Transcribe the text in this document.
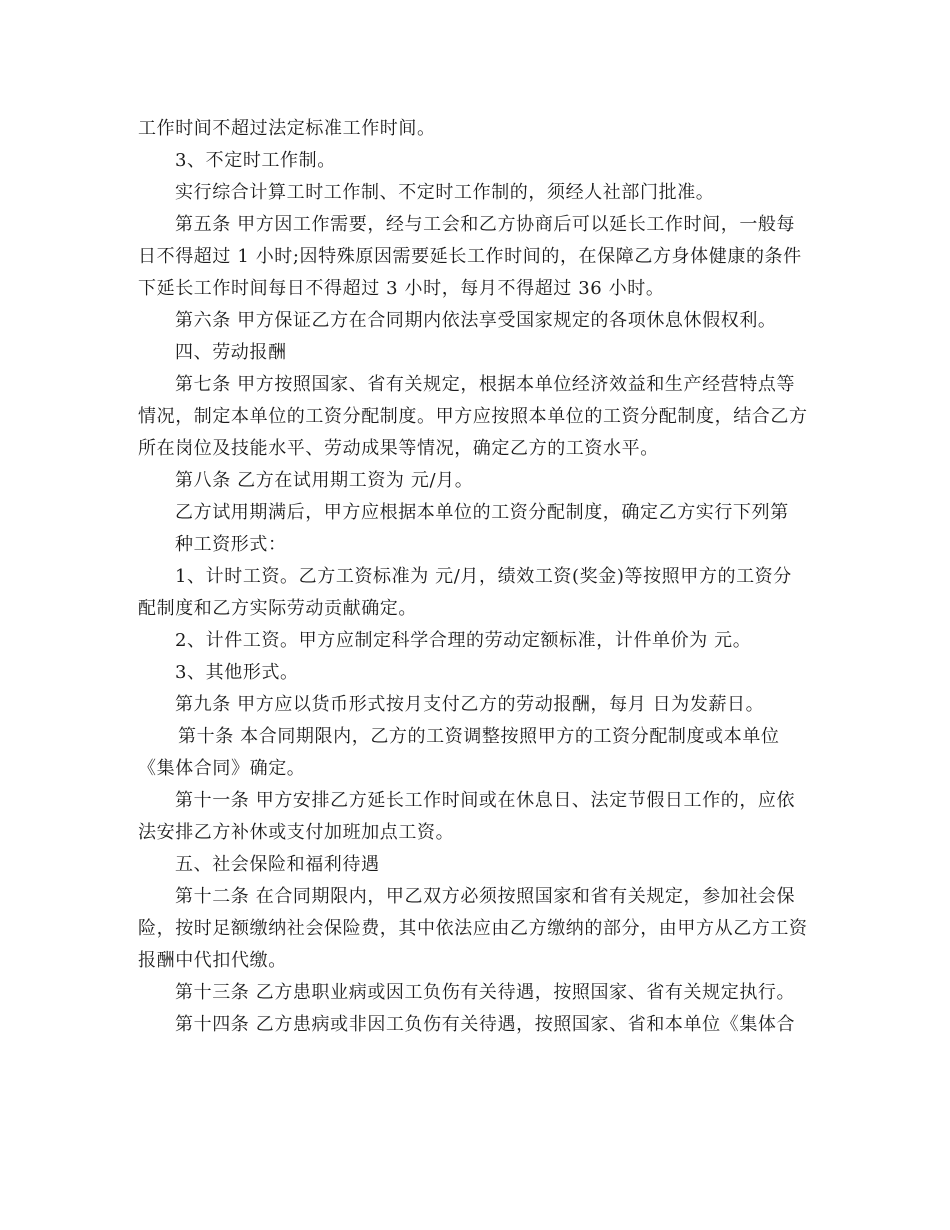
工作时间不超过法定标准工作时间。
3、不定时工作制。
实行综合计算工时工作制、不定时工作制的，须经人社部门批准。
第五条 甲方因工作需要，经与工会和乙方协商后可以延长工作时间，一般每
日不得超过 1 小时;因特殊原因需要延长工作时间的，在保障乙方身体健康的条件
下延长工作时间每日不得超过 3 小时，每月不得超过 36 小时。
第六条 甲方保证乙方在合同期内依法享受国家规定的各项休息休假权利。
四、劳动报酬
第七条 甲方按照国家、省有关规定，根据本单位经济效益和生产经营特点等
情况，制定本单位的工资分配制度。甲方应按照本单位的工资分配制度，结合乙方
所在岗位及技能水平、劳动成果等情况，确定乙方的工资水平。
第八条 乙方在试用期工资为 元/月。
乙方试用期满后，甲方应根据本单位的工资分配制度，确定乙方实行下列第
种工资形式：
1、计时工资。乙方工资标准为 元/月，绩效工资(奖金)等按照甲方的工资分
配制度和乙方实际劳动贡献确定。
2、计件工资。甲方应制定科学合理的劳动定额标准，计件单价为 元。
3、其他形式。
第九条 甲方应以货币形式按月支付乙方的劳动报酬，每月 日为发薪日。
第十条 本合同期限内，乙方的工资调整按照甲方的工资分配制度或本单位
《集体合同》确定。
第十一条 甲方安排乙方延长工作时间或在休息日、法定节假日工作的，应依
法安排乙方补休或支付加班加点工资。
五、社会保险和福利待遇
第十二条 在合同期限内，甲乙双方必须按照国家和省有关规定，参加社会保
险，按时足额缴纳社会保险费，其中依法应由乙方缴纳的部分，由甲方从乙方工资
报酬中代扣代缴。
第十三条 乙方患职业病或因工负伤有关待遇，按照国家、省有关规定执行。
第十四条 乙方患病或非因工负伤有关待遇，按照国家、省和本单位《集体合
